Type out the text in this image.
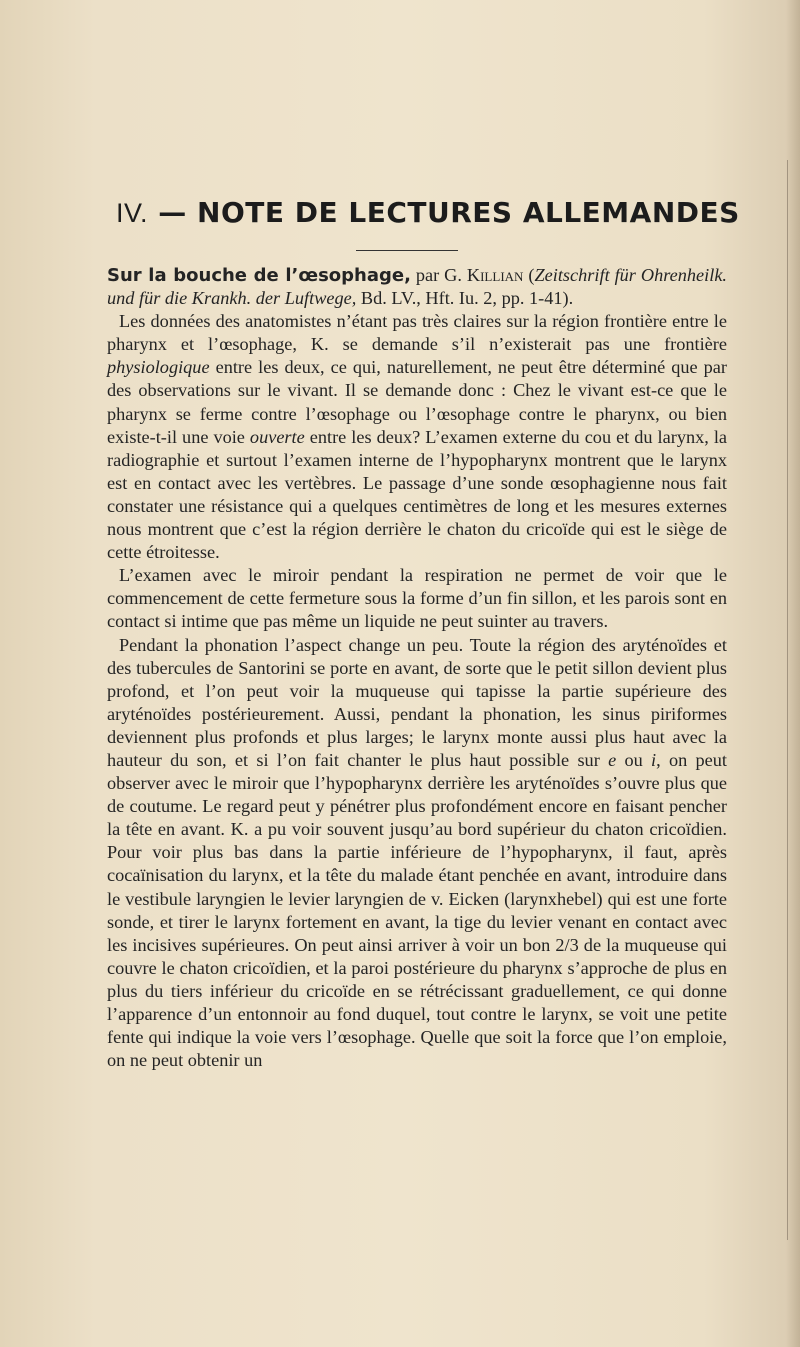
IV. — NOTE DE LECTURES ALLEMANDES

Sur la bouche de l’œsophage, par G. Killian (Zeitschrift für Ohrenheilk. und für die Krankh. der Luftwege, Bd. LV., Hft. Iu. 2, pp. 1-41).

Les données des anatomistes n’étant pas très claires sur la région frontière entre le pharynx et l’œsophage, K. se demande s’il n’existerait pas une frontière physiologique entre les deux, ce qui, naturellement, ne peut être déterminé que par des observations sur le vivant. Il se demande donc : Chez le vivant est-ce que le pharynx se ferme contre l’œsophage ou l’œsophage contre le pharynx, ou bien existe-t-il une voie ouverte entre les deux? L’examen externe du cou et du larynx, la radiographie et surtout l’examen interne de l’hypopharynx montrent que le larynx est en contact avec les vertèbres. Le passage d’une sonde œsophagienne nous fait constater une résistance qui a quelques centimètres de long et les mesures externes nous montrent que c’est la région derrière le chaton du cricoïde qui est le siège de cette étroitesse.

L’examen avec le miroir pendant la respiration ne permet de voir que le commencement de cette fermeture sous la forme d’un fin sillon, et les parois sont en contact si intime que pas même un liquide ne peut suinter au travers.

Pendant la phonation l’aspect change un peu. Toute la région des aryténoïdes et des tubercules de Santorini se porte en avant, de sorte que le petit sillon devient plus profond, et l’on peut voir la muqueuse qui tapisse la partie supérieure des aryténoïdes postérieurement. Aussi, pendant la phonation, les sinus piriformes deviennent plus profonds et plus larges; le larynx monte aussi plus haut avec la hauteur du son, et si l’on fait chanter le plus haut possible sur e ou i, on peut observer avec le miroir que l’hypopharynx derrière les aryténoïdes s’ouvre plus que de coutume. Le regard peut y pénétrer plus profondément encore en faisant pencher la tête en avant. K. a pu voir souvent jusqu’au bord supérieur du chaton cricoïdien. Pour voir plus bas dans la partie inférieure de l’hypopharynx, il faut, après cocaïnisation du larynx, et la tête du malade étant penchée en avant, introduire dans le vestibule laryngien le levier laryngien de v. Eicken (larynxhebel) qui est une forte sonde, et tirer le larynx fortement en avant, la tige du levier venant en contact avec les incisives supérieures. On peut ainsi arriver à voir un bon 2/3 de la muqueuse qui couvre le chaton cricoïdien, et la paroi postérieure du pharynx s’approche de plus en plus du tiers inférieur du cricoïde en se rétrécissant graduellement, ce qui donne l’apparence d’un entonnoir au fond duquel, tout contre le larynx, se voit une petite fente qui indique la voie vers l’œsophage. Quelle que soit la force que l’on emploie, on ne peut obtenir un
